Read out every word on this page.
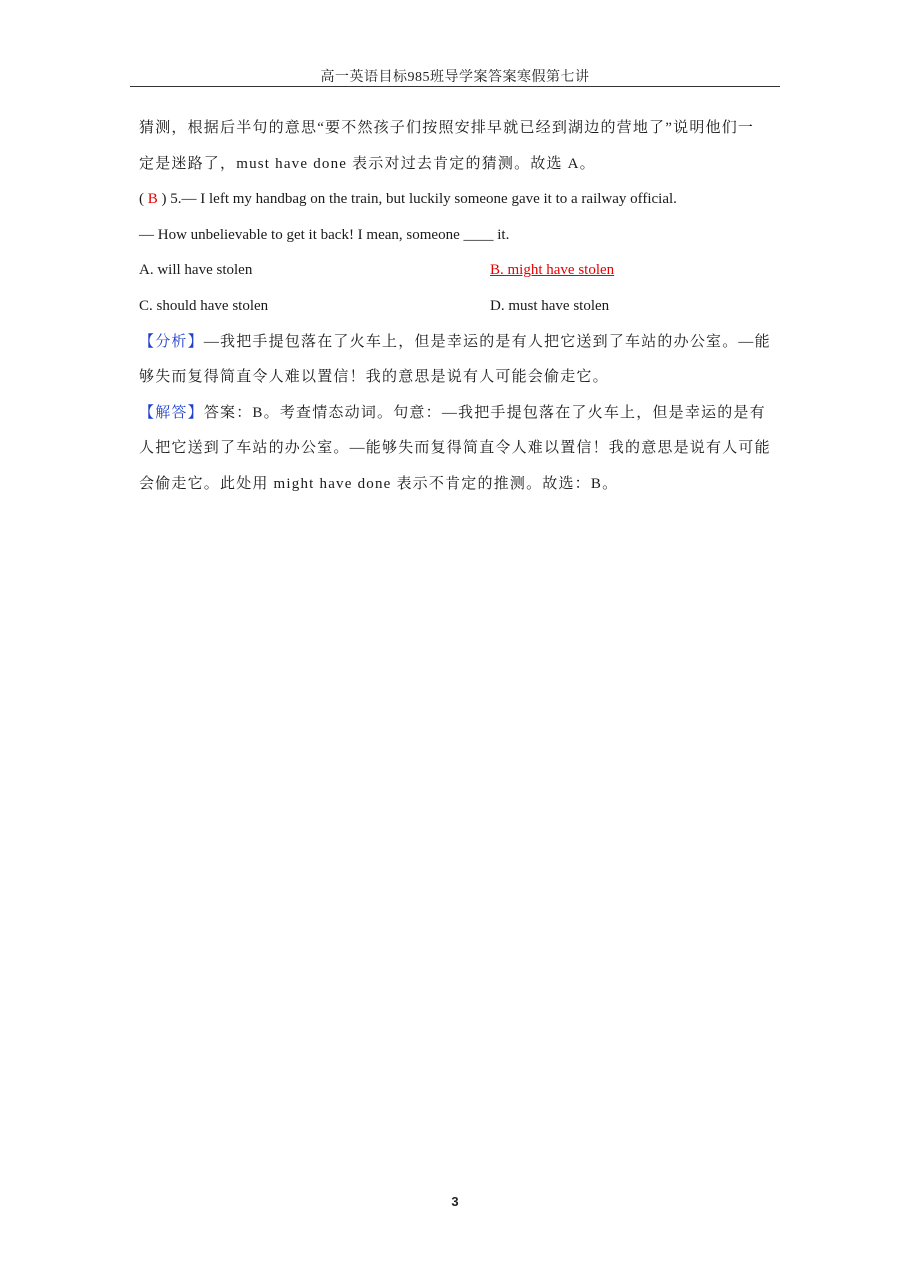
高一英语目标985班导学案答案寒假第七讲
猜测，根据后半句的意思“要不然孩子们按照安排早就已经到湖边的营地了”说明他们一
定是迷路了，must have done 表示对过去肯定的猜测。故选 A。
( B ) 5.— I left my handbag on the train, but luckily someone gave it to a railway official.
— How unbelievable to get it back! I mean, someone ____ it.
A. will have stolen	B. might have stolen
C. should have stolen	D. must have stolen
【分析】—我把手提包落在了火车上，但是幸运的是有人把它送到了车站的办公室。—能
够失而复得简直令人难以置信！我的意思是说有人可能会偷走它。
【解答】答案：B。考查情态动词。句意：—我把手提包落在了火车上，但是幸运的是有
人把它送到了车站的办公室。—能够失而复得简直令人难以置信！我的意思是说有人可能
会偷走它。此处用 might have done 表示不肯定的推测。故选：B。
3
